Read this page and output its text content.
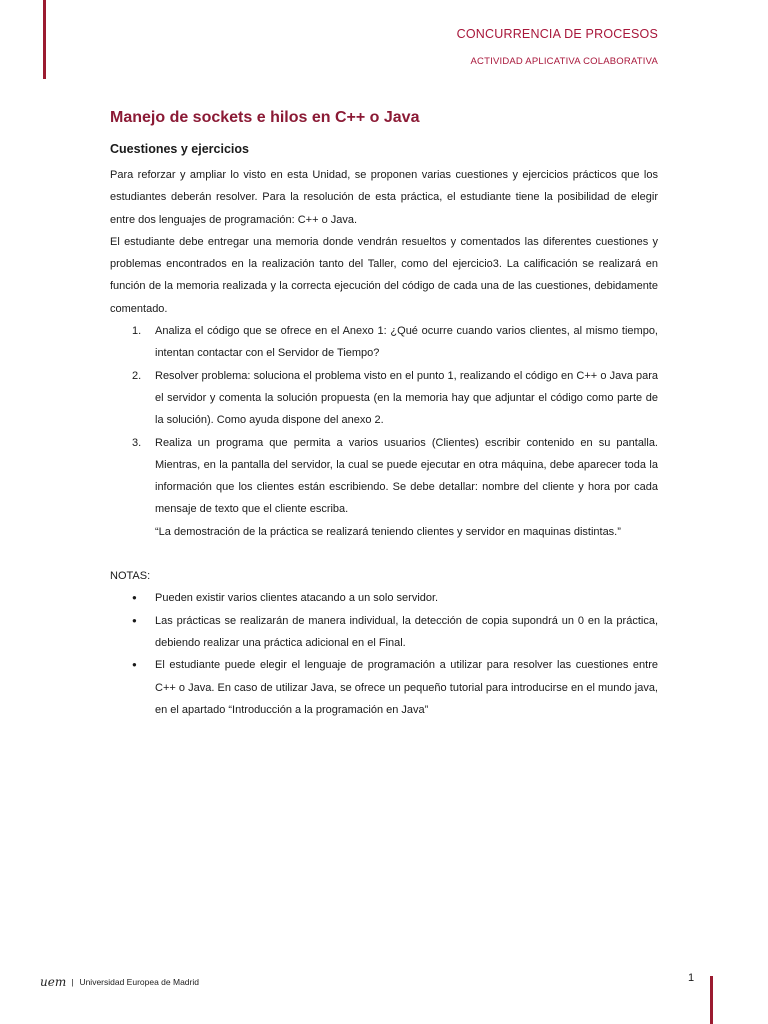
CONCURRENCIA DE PROCESOS
ACTIVIDAD APLICATIVA COLABORATIVA
Manejo de sockets e hilos en C++ o Java
Cuestiones y ejercicios

Para reforzar y ampliar lo visto en esta Unidad, se proponen varias cuestiones y ejercicios prácticos que los estudiantes deberán resolver. Para la resolución de esta práctica, el estudiante tiene la posibilidad de elegir entre dos lenguajes de programación: C++ o Java.

El estudiante debe entregar una memoria donde vendrán resueltos y comentados las diferentes cuestiones y problemas encontrados en la realización tanto del Taller, como del ejercicio3. La calificación se realizará en función de la memoria realizada y la correcta ejecución del código de cada una de las cuestiones, debidamente comentado.

1. Analiza el código que se ofrece en el Anexo 1: ¿Qué ocurre cuando varios clientes, al mismo tiempo, intentan contactar con el Servidor de Tiempo?
2. Resolver problema: soluciona el problema visto en el punto 1, realizando el código en C++ o Java para el servidor y comenta la solución propuesta (en la memoria hay que adjuntar el código como parte de la solución). Como ayuda dispone del anexo 2.
3. Realiza un programa que permita a varios usuarios (Clientes) escribir contenido en su pantalla. Mientras, en la pantalla del servidor, la cual se puede ejecutar en otra máquina, debe aparecer toda la información que los clientes están escribiendo. Se debe detallar: nombre del cliente y hora por cada mensaje de texto que el cliente escriba.
“La demostración de la práctica se realizará teniendo clientes y servidor en maquinas distintas.”

NOTAS:

● Pueden existir varios clientes atacando a un solo servidor.
● Las prácticas se realizarán de manera individual, la detección de copia supondrá un 0 en la práctica, debiendo realizar una práctica adicional en el Final.
● El estudiante puede elegir el lenguaje de programación a utilizar para resolver las cuestiones entre C++ o Java. En caso de utilizar Java, se ofrece un pequeño tutorial para introducirse en el mundo java, en el apartado “Introducción a la programación en Java”
uem | Universidad Europea de Madrid	1
